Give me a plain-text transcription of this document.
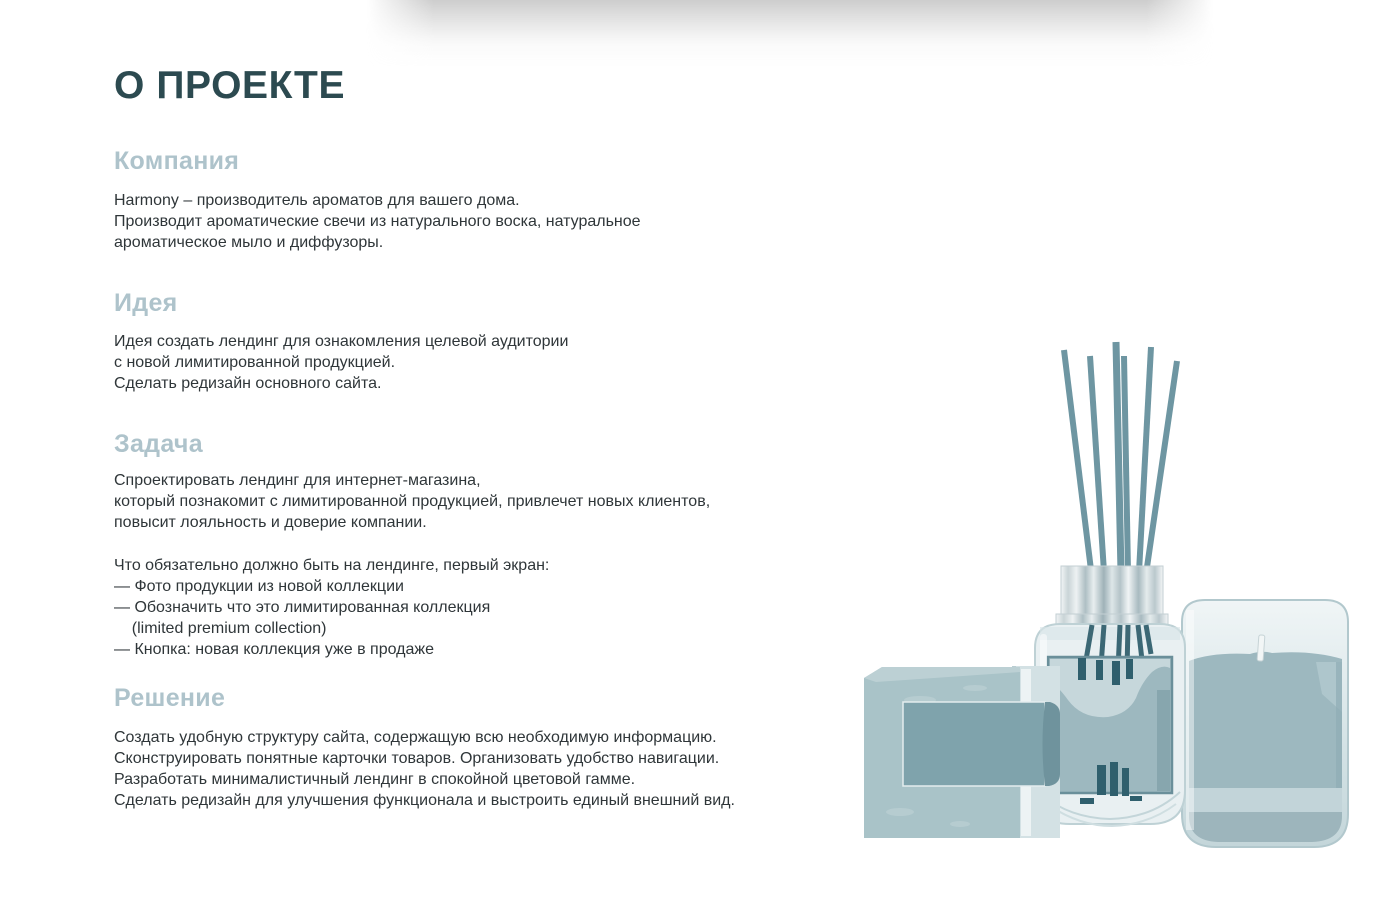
О ПРОЕКТЕ
Компания

Harmony – производитель ароматов для вашего дома.
Производит ароматические свечи из натурального воска, натуральное
ароматическое мыло и диффузоры.

Идея

Идея создать лендинг для ознакомления целевой аудитории
с новой лимитированной продукцией.
Сделать редизайн основного сайта.

Задача

Спроектировать лендинг для интернет-магазина,
который познакомит с лимитированной продукцией, привлечет новых клиентов,
повысит лояльность и доверие компании.

Что обязательно должно быть на лендинге, первый экран:
— Фото продукции из новой коллекции
— Обозначить что это лимитированная коллекция
(limited premium collection)
— Кнопка: новая коллекция уже в продаже

Решение

Создать удобную структуру сайта, содержащую всю необходимую информацию.
Сконструировать понятные карточки товаров. Организовать удобство навигации.
Разработать минималистичный лендинг в спокойной цветовой гамме.
Сделать редизайн для улучшения функционала и выстроить единый внешний вид.
